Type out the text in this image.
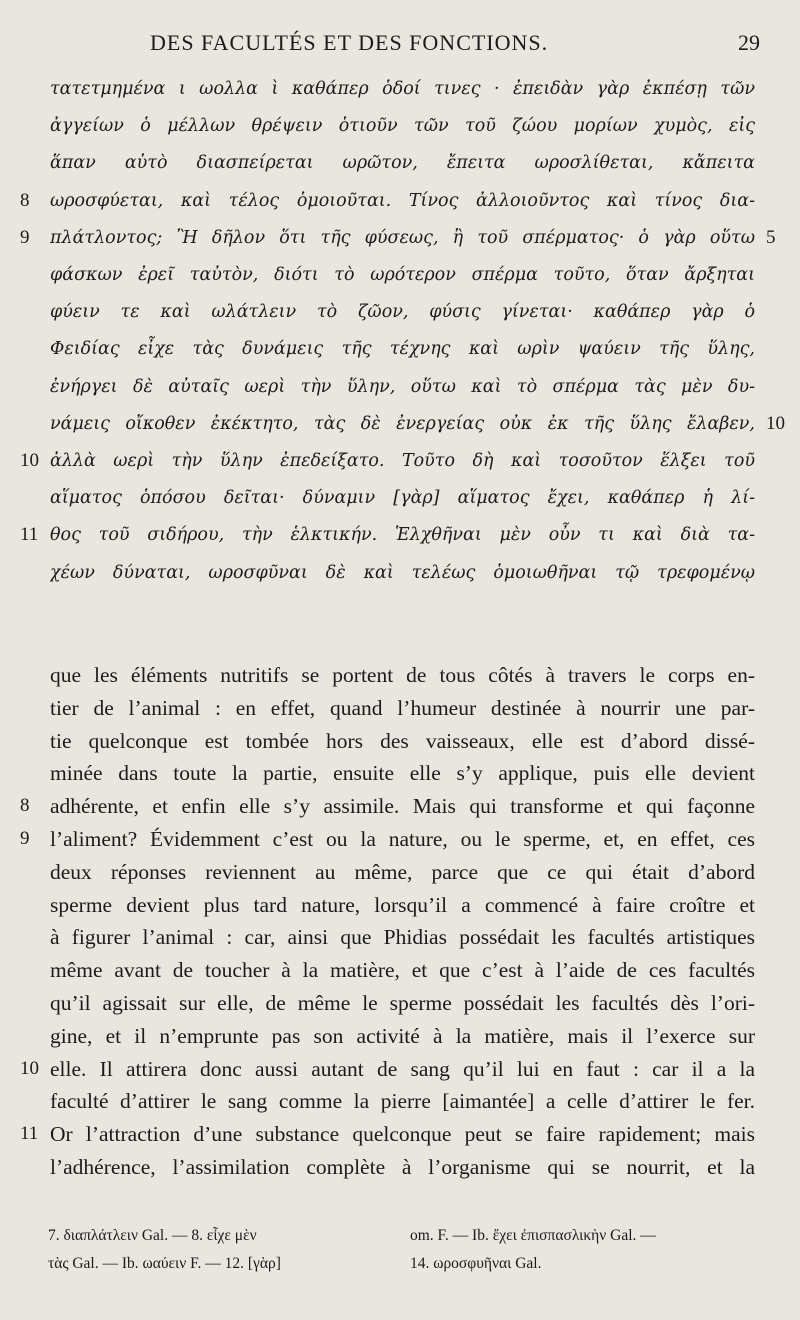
DES FACULTÉS ET DES FONCTIONS.	29
τατετμημένα ι ωολλα ὶ καθάπερ ὁδοί τινες · ἐπειδὰν γὰρ ἐκπέσῃ τῶν
ἀγγείων ὁ μέλλων θρέψειν ὁτιοῦν τῶν τοῦ ζώου μορίων χυμὸς, εἰς
ἅπαν αὐτὸ διασπείρεται ωρῶτον, ἔπειτα ωροσλίθεται, κἄπειτα
ωροσφύεται, καὶ τέλος ὁμοιοῦται. Τίνος ἀλλοιοῦντος καὶ τίνος δια-
πλάτλοντος; Ἢ δῆλον ὅτι τῆς φύσεως, ἢ τοῦ σπέρματος· ὁ γὰρ οὕτω
φάσκων ἐρεῖ ταὐτὸν, διότι τὸ ωρότερον σπέρμα τοῦτο, ὅταν ἄρξηται
φύειν τε καὶ ωλάτλειν τὸ ζῶον, φύσις γίνεται· καθάπερ γὰρ ὁ
Φειδίας εἶχε τὰς δυνάμεις τῆς τέχνης καὶ ωρὶν ψαύειν τῆς ὕλης,
ἐνήργει δὲ αὐταῖς ωερὶ τὴν ὕλην, οὕτω καὶ τὸ σπέρμα τὰς μὲν δυ-
νάμεις οἴκοθεν ἐκέκτητο, τὰς δὲ ἐνεργείας οὐκ ἐκ τῆς ὕλης ἔλαβεν,
ἀλλὰ ωερὶ τὴν ὕλην ἐπεδείξατο. Τοῦτο δὴ καὶ τοσοῦτον ἕλξει τοῦ
αἵματος ὁπόσου δεῖται· δύναμιν [γὰρ] αἵματος ἔχει, καθάπερ ἡ λί-
θος τοῦ σιδήρου, τὴν ἑλκτικήν. Ἑλχθῆναι μὲν οὖν τι καὶ διὰ τα-
χέων δύναται, ωροσφῦναι δὲ καὶ τελέως ὁμοιωθῆναι τῷ τρεφομένῳ
8
9
10
11
5
10
que les éléments nutritifs se portent de tous côtés à travers le corps en-
tier de l’animal : en effet, quand l’humeur destinée à nourrir une par-
tie quelconque est tombée hors des vaisseaux, elle est d’abord dissé-
minée dans toute la partie, ensuite elle s’y applique, puis elle devient
adhérente, et enfin elle s’y assimile. Mais qui transforme et qui façonne
l’aliment? Évidemment c’est ou la nature, ou le sperme, et, en effet, ces
deux réponses reviennent au même, parce que ce qui était d’abord
sperme devient plus tard nature, lorsqu’il a commencé à faire croître et
à figurer l’animal : car, ainsi que Phidias possédait les facultés artistiques
même avant de toucher à la matière, et que c’est à l’aide de ces facultés
qu’il agissait sur elle, de même le sperme possédait les facultés dès l’ori-
gine, et il n’emprunte pas son activité à la matière, mais il l’exerce sur
elle. Il attirera donc aussi autant de sang qu’il lui en faut : car il a la
faculté d’attirer le sang comme la pierre [aimantée] a celle d’attirer le fer.
Or l’attraction d’une substance quelconque peut se faire rapidement; mais
l’adhérence, l’assimilation complète à l’organisme qui se nourrit, et la
8
9
10
11
7. διαπλάτλειν Gal. — 8. εἶχε μὲν	om. F. — Ib. ἔχει ἐπισπασλικὴν Gal. —
τὰς Gal. — Ib. ωαύειν F. — 12. [γὰρ]	14. ωροσφυῆναι Gal.
